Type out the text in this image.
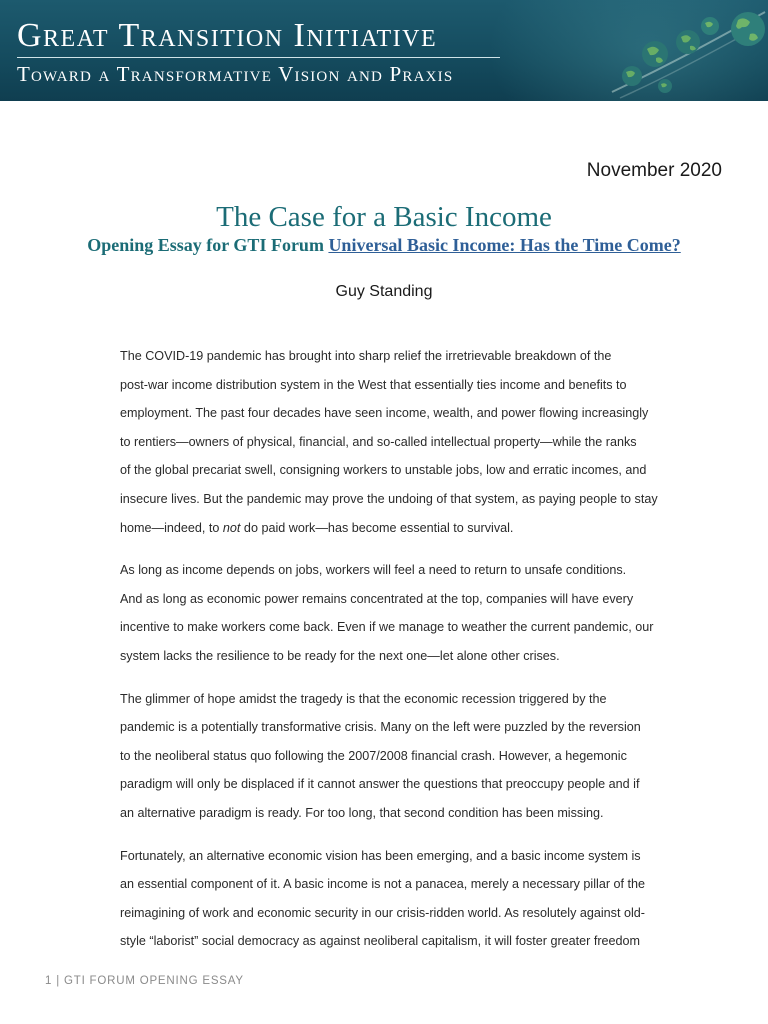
Great Transition Initiative
Toward a Transformative Vision and Praxis
November 2020
The Case for a Basic Income
Opening Essay for GTI Forum Universal Basic Income: Has the Time Come?
Guy Standing

The COVID-19 pandemic has brought into sharp relief the irretrievable breakdown of the
post-war income distribution system in the West that essentially ties income and benefits to
employment. The past four decades have seen income, wealth, and power flowing increasingly
to rentiers—owners of physical, financial, and so-called intellectual property—while the ranks
of the global precariat swell, consigning workers to unstable jobs, low and erratic incomes, and
insecure lives. But the pandemic may prove the undoing of that system, as paying people to stay
home—indeed, to not do paid work—has become essential to survival.

As long as income depends on jobs, workers will feel a need to return to unsafe conditions.
And as long as economic power remains concentrated at the top, companies will have every
incentive to make workers come back. Even if we manage to weather the current pandemic, our
system lacks the resilience to be ready for the next one—let alone other crises.

The glimmer of hope amidst the tragedy is that the economic recession triggered by the
pandemic is a potentially transformative crisis. Many on the left were puzzled by the reversion
to the neoliberal status quo following the 2007/2008 financial crash. However, a hegemonic
paradigm will only be displaced if it cannot answer the questions that preoccupy people and if
an alternative paradigm is ready. For too long, that second condition has been missing.

Fortunately, an alternative economic vision has been emerging, and a basic income system is
an essential component of it. A basic income is not a panacea, merely a necessary pillar of the
reimagining of work and economic security in our crisis-ridden world. As resolutely against old-
style “laborist” social democracy as against neoliberal capitalism, it will foster greater freedom

1 | GTI FORUM OPENING ESSAY
